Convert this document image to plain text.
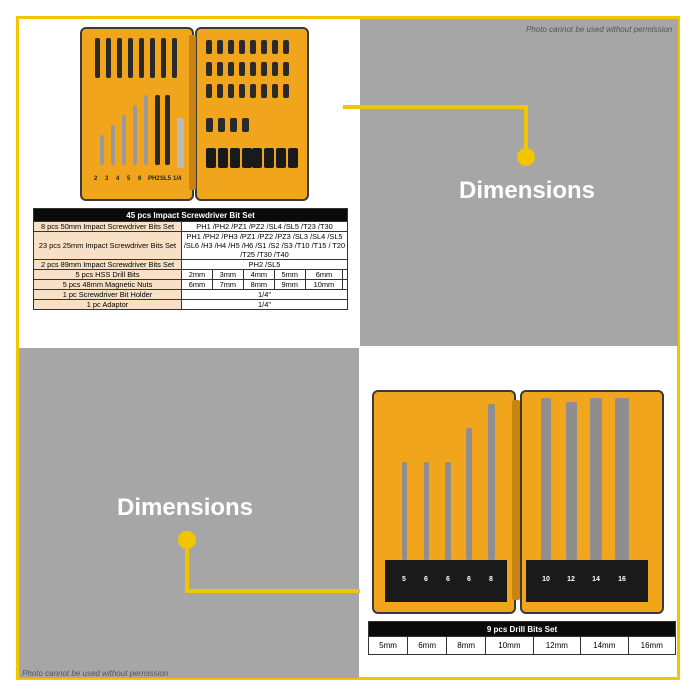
Photo cannot be used without permission
Photo cannot be used without permission
Dimensions
Dimensions
2 3 4 5 6 PH2 SL5 1/4
45 pcs Impact Screwdriver Bit Set						
8 pcs 50mm Impact Screwdriver Bits Set	PH1 /PH2 /PZ1 /PZ2 /SL4 /SL5 /T23 /T30					
23 pcs 25mm Impact Screwdriver Bits Set	PH1 /PH2 /PH3 /PZ1 /PZ2 /PZ3 /SL3 /SL4 /SL5 /SL6 /H3 /H4 /H5 /H6 /S1 /S2 /S3 /T10 /T15 / T20 /T25 /T30 /T40					
2 pcs 89mm Impact Screwdriver Bits Set	PH2 /SL5					
5 pcs HSS Drill Bits	2mm	3mm	4mm	5mm	6mm	
5 pcs 48mm Magnetic Nuts	6mm	7mm	8mm	9mm	10mm	
1 pc Screwdriver Bit Holder	1/4"					
1 pc Adaptor	1/4"					
5	6	6	6	8	10	12	14	16
9 pcs Drill Bits Set
5mm	6mm	8mm	10mm	12mm	14mm	16mm
